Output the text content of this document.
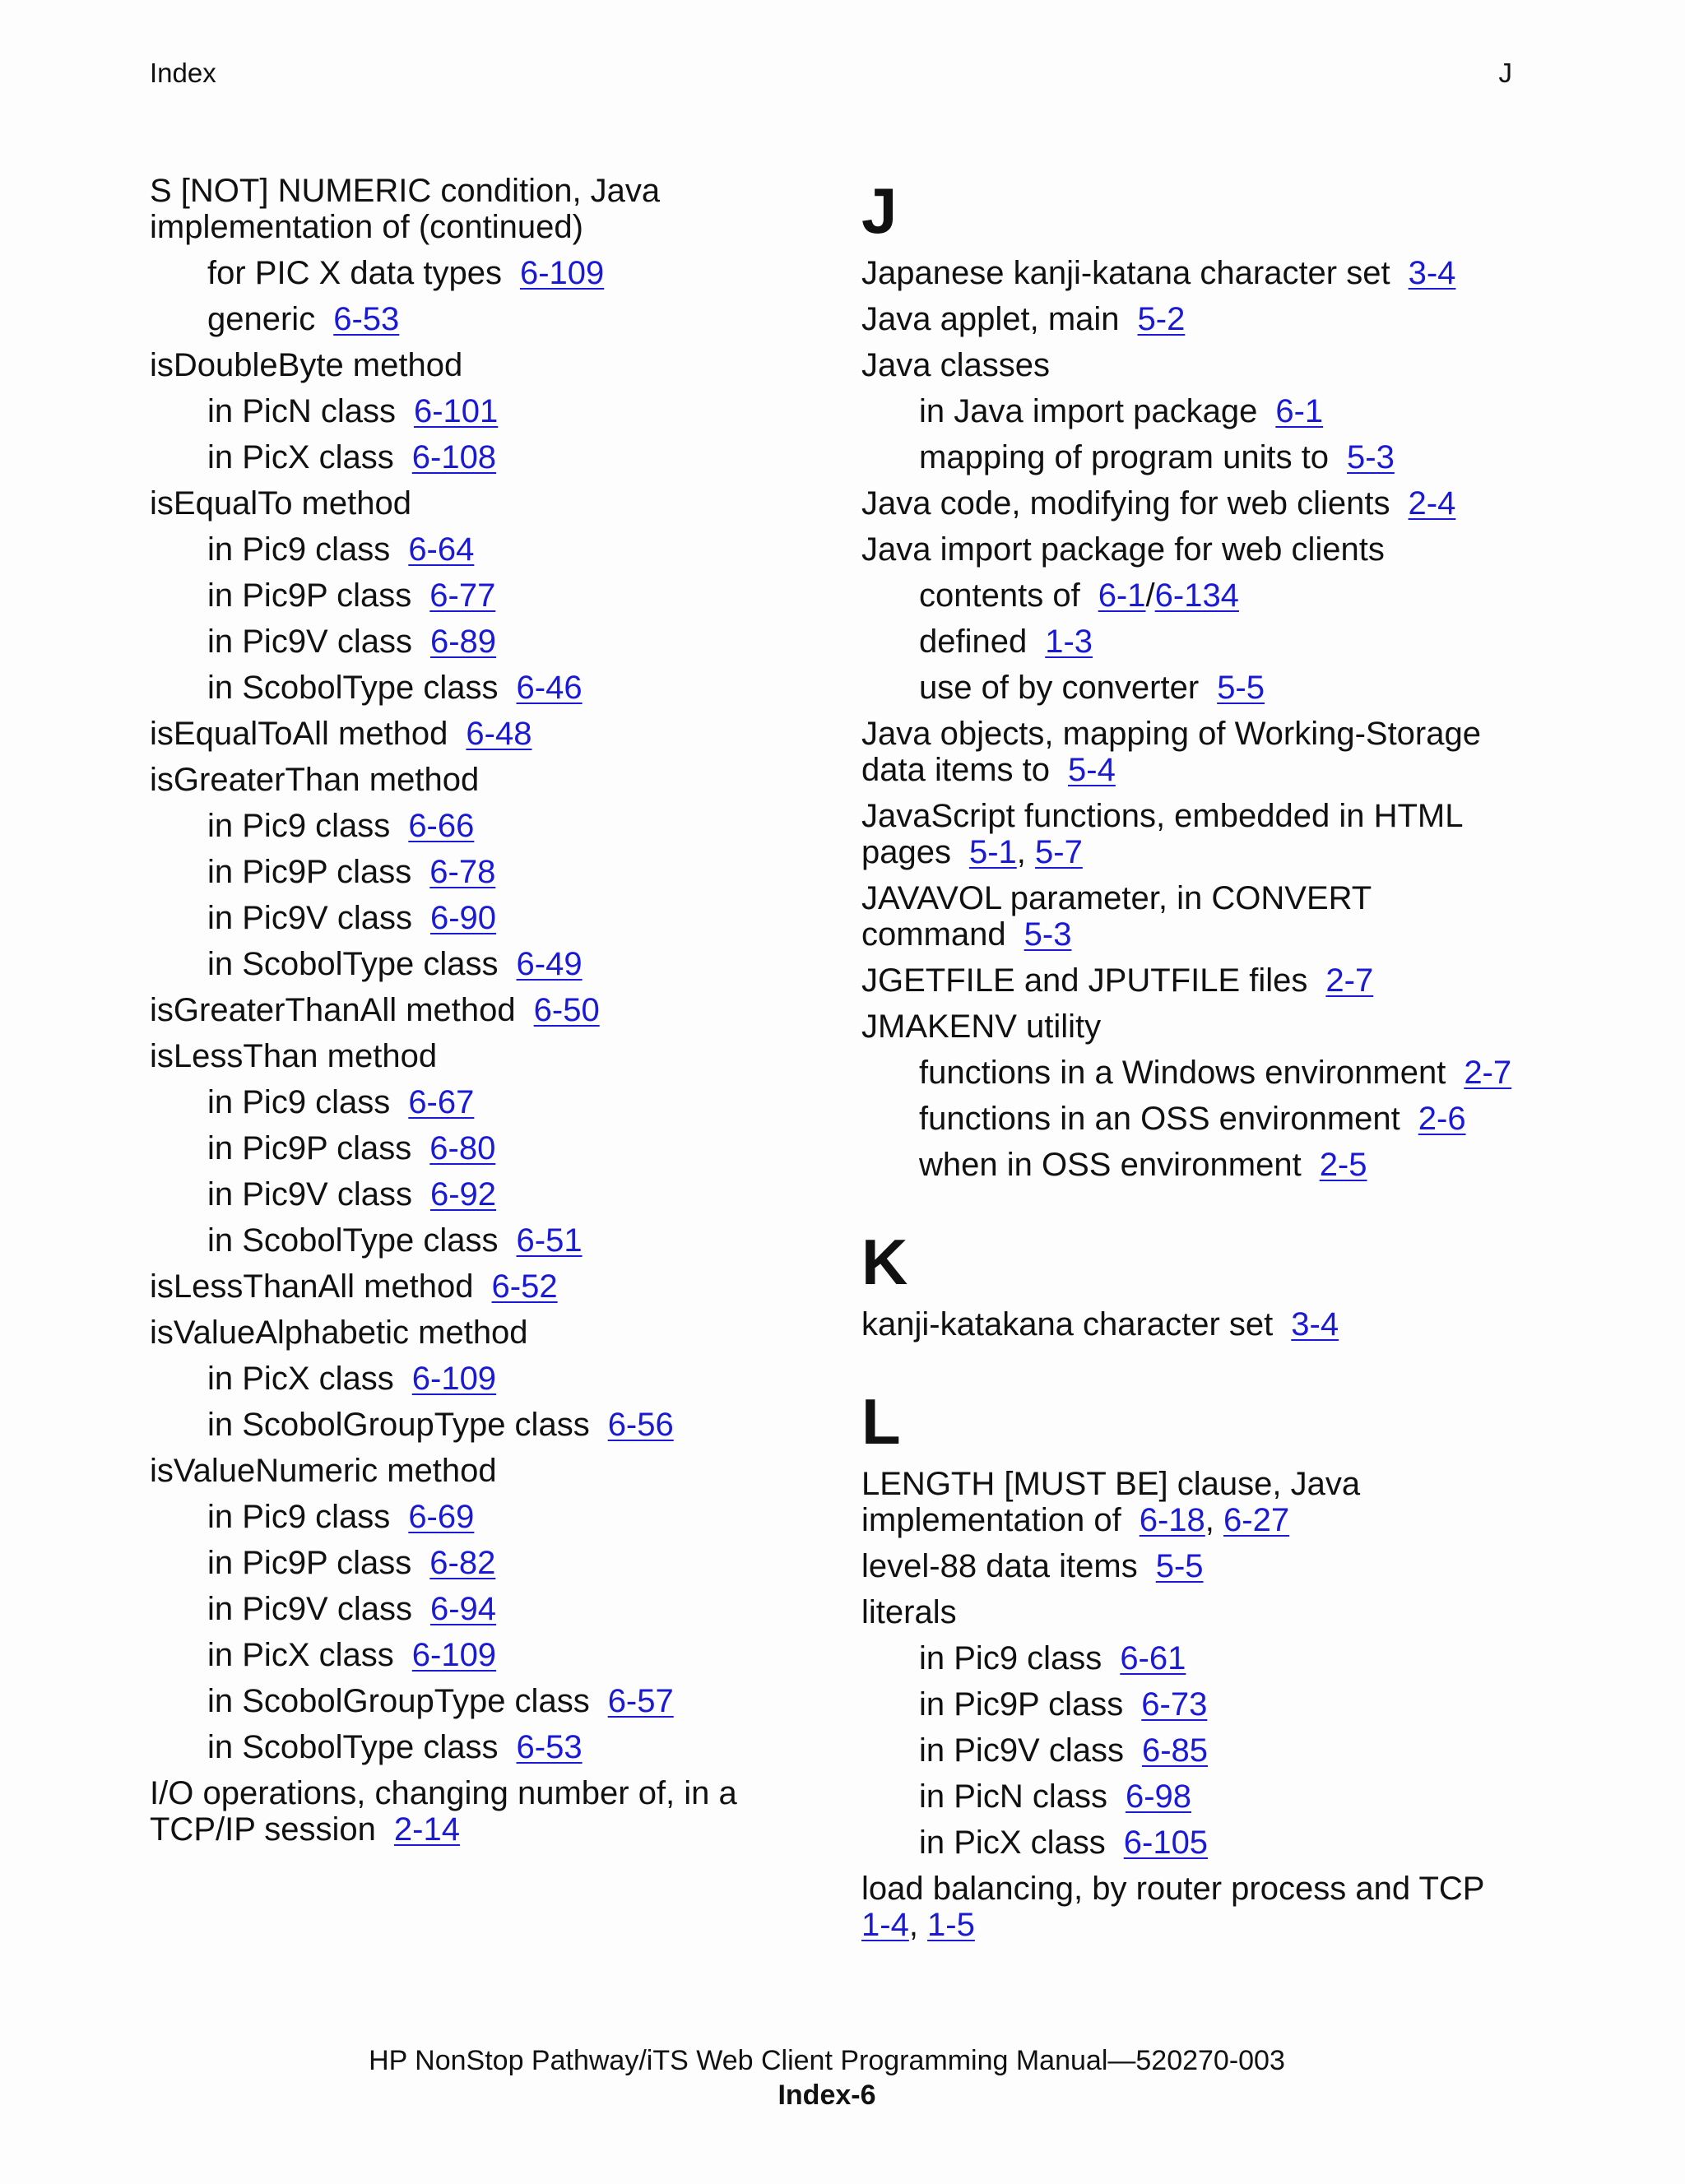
Index	J
S [NOT] NUMERIC condition, Java implementation of (continued)
for PIC X data types 6-109
generic 6-53
isDoubleByte method
in PicN class 6-101
in PicX class 6-108
isEqualTo method
in Pic9 class 6-64
in Pic9P class 6-77
in Pic9V class 6-89
in ScobolType class 6-46
isEqualToAll method 6-48
isGreaterThan method
in Pic9 class 6-66
in Pic9P class 6-78
in Pic9V class 6-90
in ScobolType class 6-49
isGreaterThanAll method 6-50
isLessThan method
in Pic9 class 6-67
in Pic9P class 6-80
in Pic9V class 6-92
in ScobolType class 6-51
isLessThanAll method 6-52
isValueAlphabetic method
in PicX class 6-109
in ScobolGroupType class 6-56
isValueNumeric method
in Pic9 class 6-69
in Pic9P class 6-82
in Pic9V class 6-94
in PicX class 6-109
in ScobolGroupType class 6-57
in ScobolType class 6-53
I/O operations, changing number of, in a TCP/IP session 2-14
J
Japanese kanji-katana character set 3-4
Java applet, main 5-2
Java classes
in Java import package 6-1
mapping of program units to 5-3
Java code, modifying for web clients 2-4
Java import package for web clients
contents of 6-1/6-134
defined 1-3
use of by converter 5-5
Java objects, mapping of Working-Storage data items to 5-4
JavaScript functions, embedded in HTML pages 5-1, 5-7
JAVAVOL parameter, in CONVERT command 5-3
JGETFILE and JPUTFILE files 2-7
JMAKENV utility
functions in a Windows environment 2-7
functions in an OSS environment 2-6
when in OSS environment 2-5
K
kanji-katakana character set 3-4
L
LENGTH [MUST BE] clause, Java implementation of 6-18, 6-27
level-88 data items 5-5
literals
in Pic9 class 6-61
in Pic9P class 6-73
in Pic9V class 6-85
in PicN class 6-98
in PicX class 6-105
load balancing, by router process and TCP1-4, 1-5
HP NonStop Pathway/iTS Web Client Programming Manual—520270-003
Index-6
